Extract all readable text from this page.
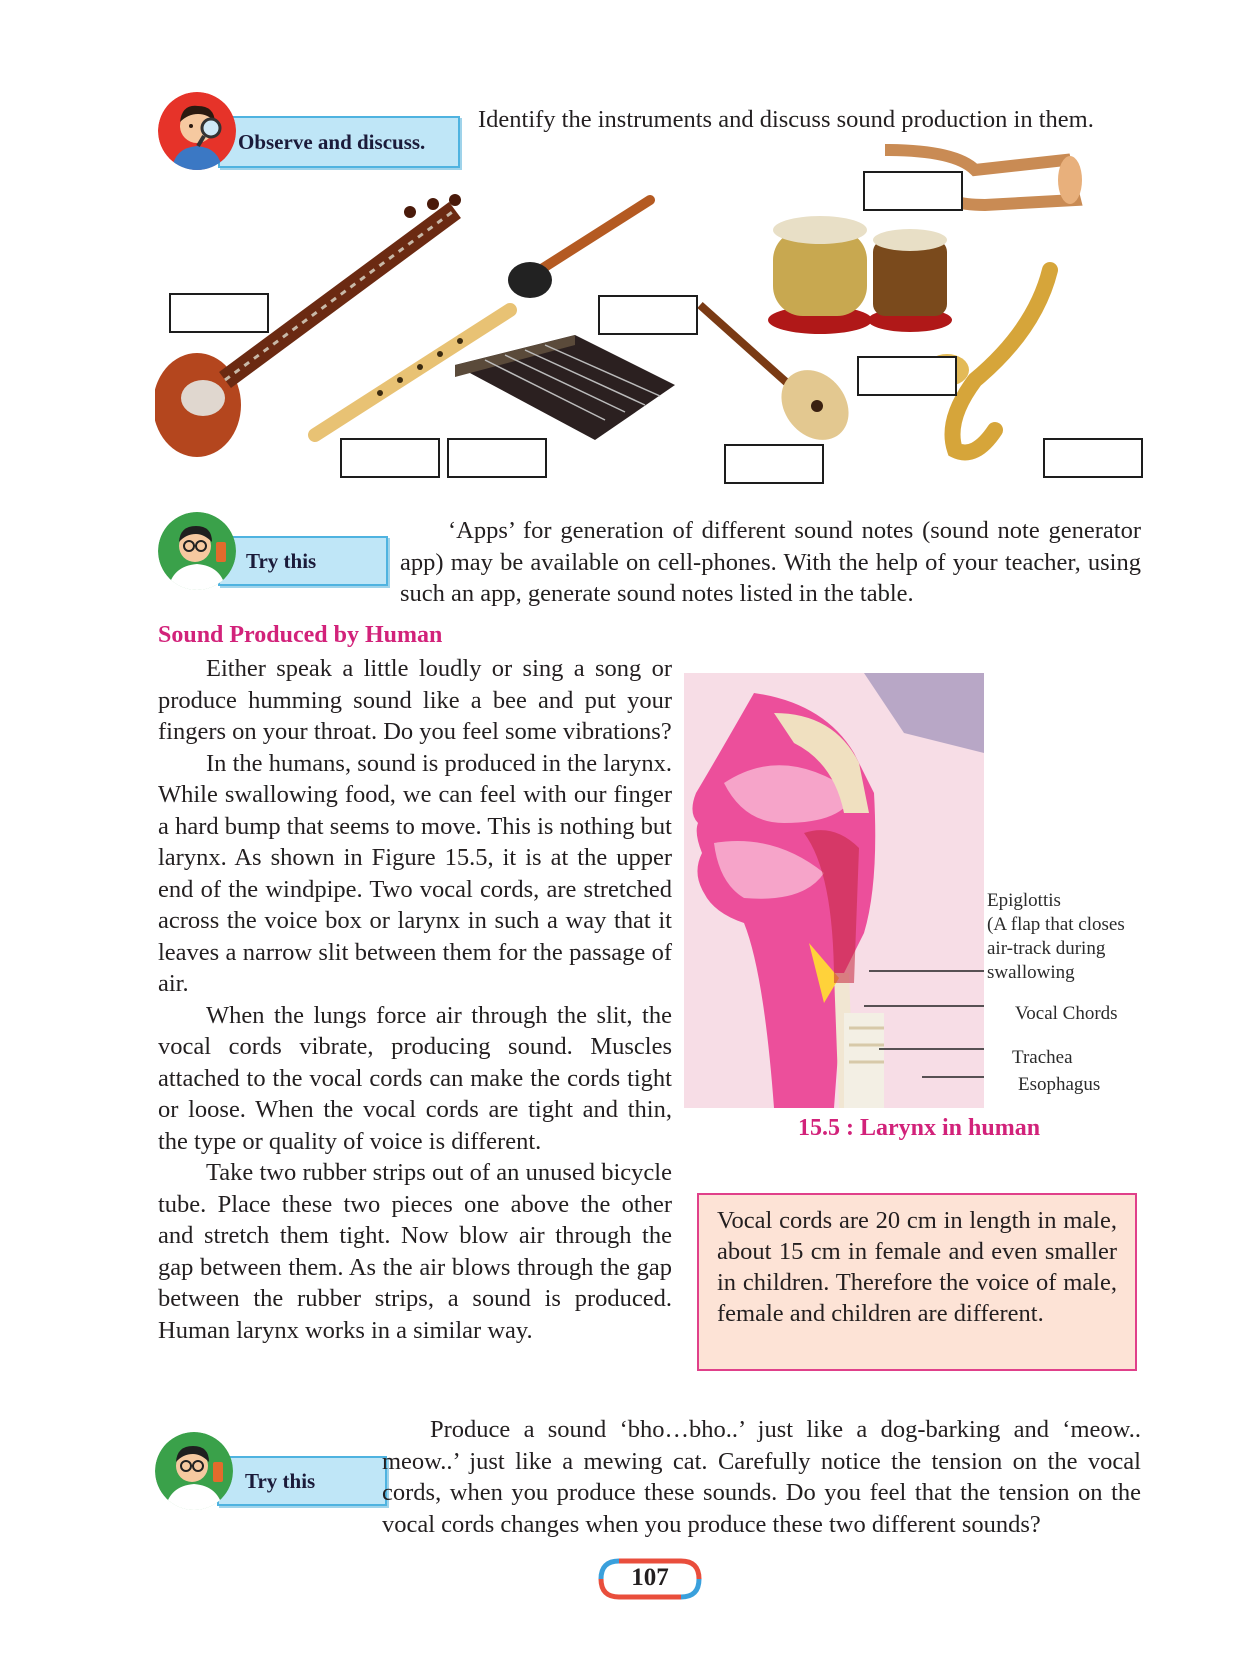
Observe and discuss.

Identify the instruments and discuss sound production in them.

Try this

‘Apps’ for generation of different sound notes (sound note generator app) may be available on cell-phones. With the help of your teacher, using such an app, generate sound notes listed in the table.

Sound Produced by Human

Either speak a little loudly or sing a song or produce humming sound like a bee and put your fingers on your throat. Do you feel some vibrations?

In the humans, sound is produced in the larynx. While swallowing food, we can feel with our finger a hard bump that seems to move. This is nothing but larynx. As shown in Figure 15.5, it is at the upper end of the windpipe. Two vocal cords, are stretched across the voice box or larynx in such a way that it leaves a narrow slit between them for the passage of air.

When the lungs force air through the slit, the vocal cords vibrate, producing sound. Muscles attached to the vocal cords can make the cords tight or loose. When the vocal cords are tight and thin, the type or quality of voice is different.

Take two rubber strips out of an unused bicycle tube. Place these two pieces one above the other and stretch them tight. Now blow air through the gap between them. As the air blows through the gap between the rubber strips, a sound is produced. Human larynx works in a similar way.

Epiglottis
(A flap that closes
air-track during
swallowing
Vocal Chords
Trachea
Esophagus
15.5 : Larynx in human

Vocal cords are 20 cm in length in male, about 15 cm in female and even smaller in children. Therefore the voice of male, female and children are different.

Try this

Produce a sound ‘bho…bho..’ just like a dog-barking and ‘meow.. meow..’ just like a mewing cat. Carefully notice the tension on the vocal cords, when you produce these sounds. Do you feel that the tension on the vocal cords changes when you produce these two different sounds?

107
